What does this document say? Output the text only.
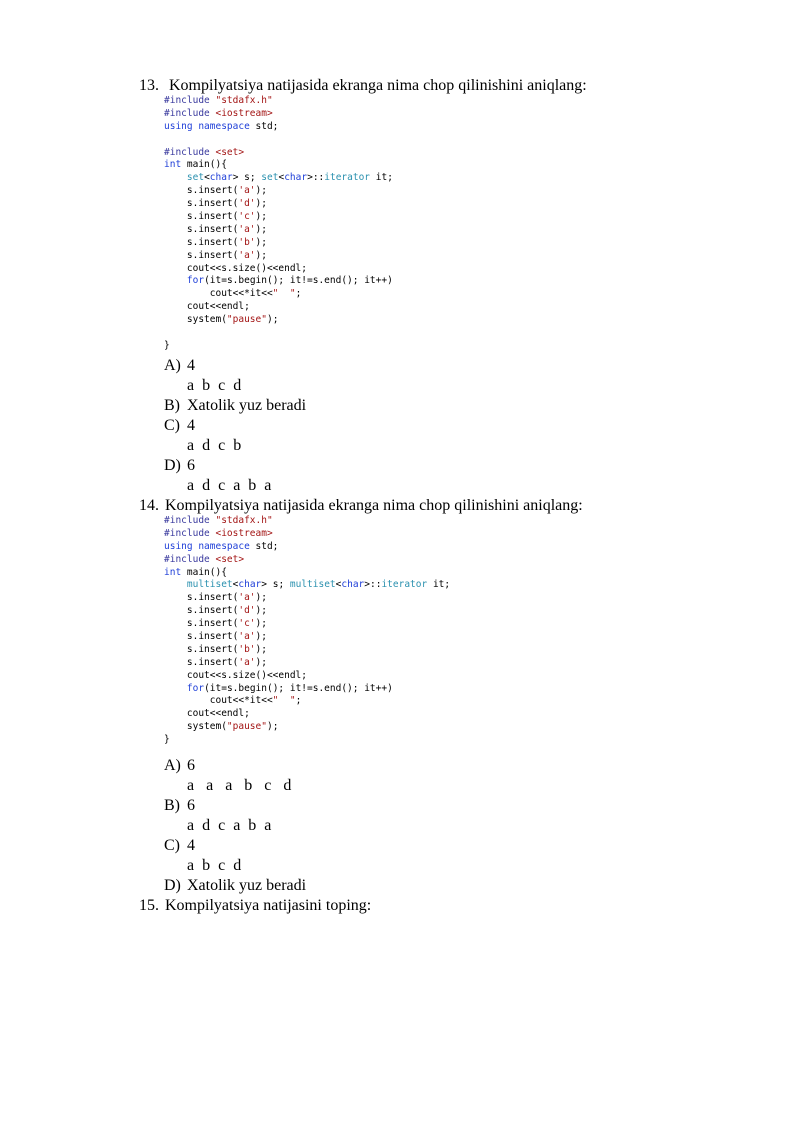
13. Kompilyatsiya natijasida ekranga nima chop qilinishini aniqlang:
#include "stdafx.h"
#include <iostream>
using namespace std;
#include <set>
int main(){
set<char> s; set<char>::iterator it;
s.insert('a');
s.insert('d');
s.insert('c');
s.insert('a');
s.insert('b');
s.insert('a');
cout<<s.size()<<endl;
for(it=s.begin(); it!=s.end(); it++)
cout<<*it<<"  ";
cout<<endl;
system("pause");
}
A) 4
a  b  c  d
B) Xatolik yuz beradi
C) 4
a  d  c  b
D) 6
a  d  c  a  b  a
14. Kompilyatsiya natijasida ekranga nima chop qilinishini aniqlang:
#include "stdafx.h"
#include <iostream>
using namespace std;
#include <set>
int main(){
multiset<char> s; multiset<char>::iterator it;
s.insert('a');
s.insert('d');
s.insert('c');
s.insert('a');
s.insert('b');
s.insert('a');
cout<<s.size()<<endl;
for(it=s.begin(); it!=s.end(); it++)
cout<<*it<<"  ";
cout<<endl;
system("pause");
}
A) 6
a   a   a   b   c   d
B) 6
a  d  c  a  b  a
C) 4
a  b  c  d
D) Xatolik yuz beradi
15. Kompilyatsiya natijasini toping:
